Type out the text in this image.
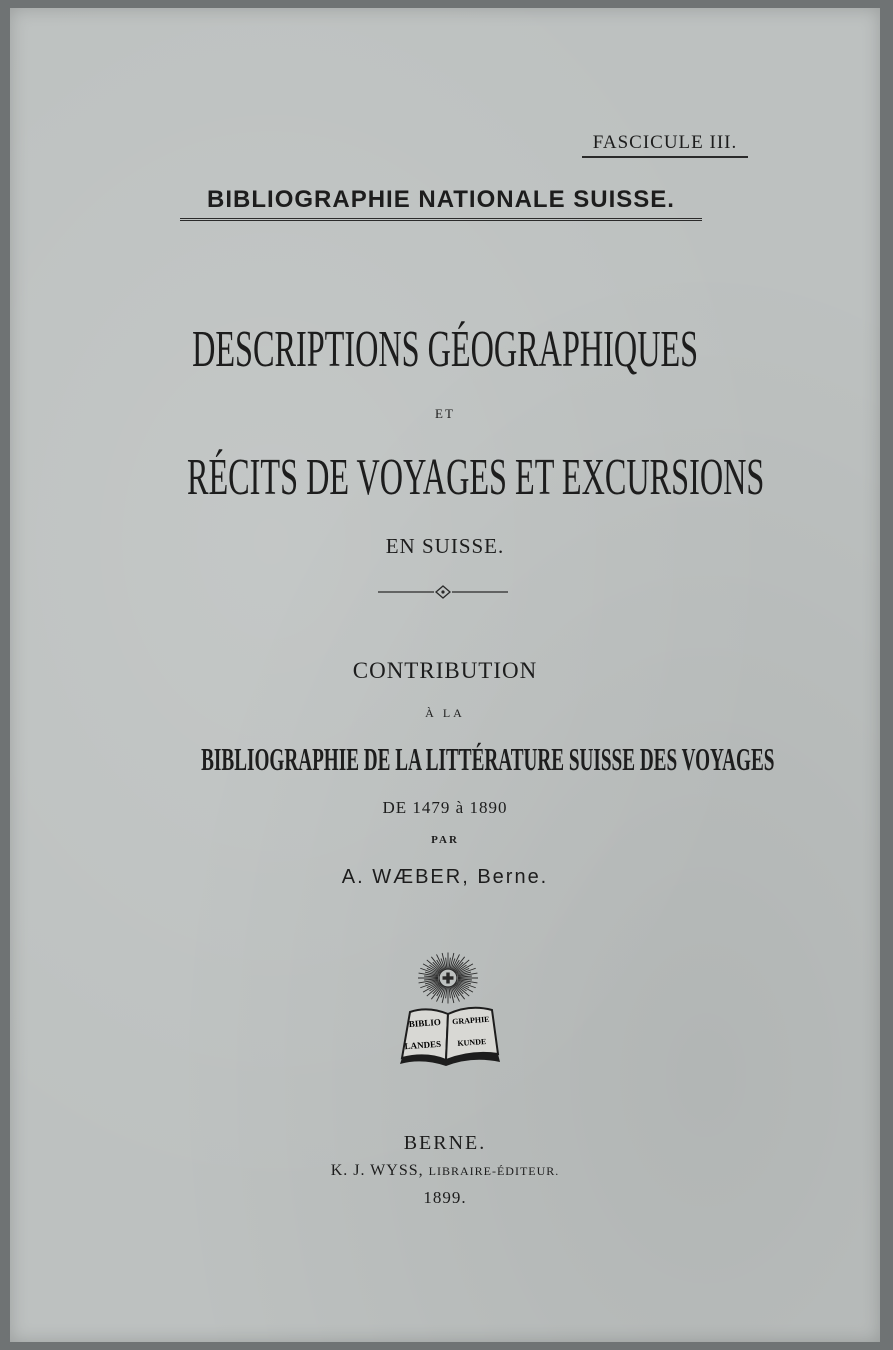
FASCICULE III.
BIBLIOGRAPHIE NATIONALE SUISSE.
DESCRIPTIONS GÉOGRAPHIQUES
ET
RÉCITS DE VOYAGES ET EXCURSIONS
EN SUISSE.
CONTRIBUTION
À LA
BIBLIOGRAPHIE DE LA LITTÉRATURE SUISSE DES VOYAGES
DE 1479 à 1890
PAR
A. WÆBER, Berne.
BIBLIO GRAPHIE
LANDES KUNDE
BERNE.
K. J. WYSS, LIBRAIRE-ÉDITEUR.
1899.
